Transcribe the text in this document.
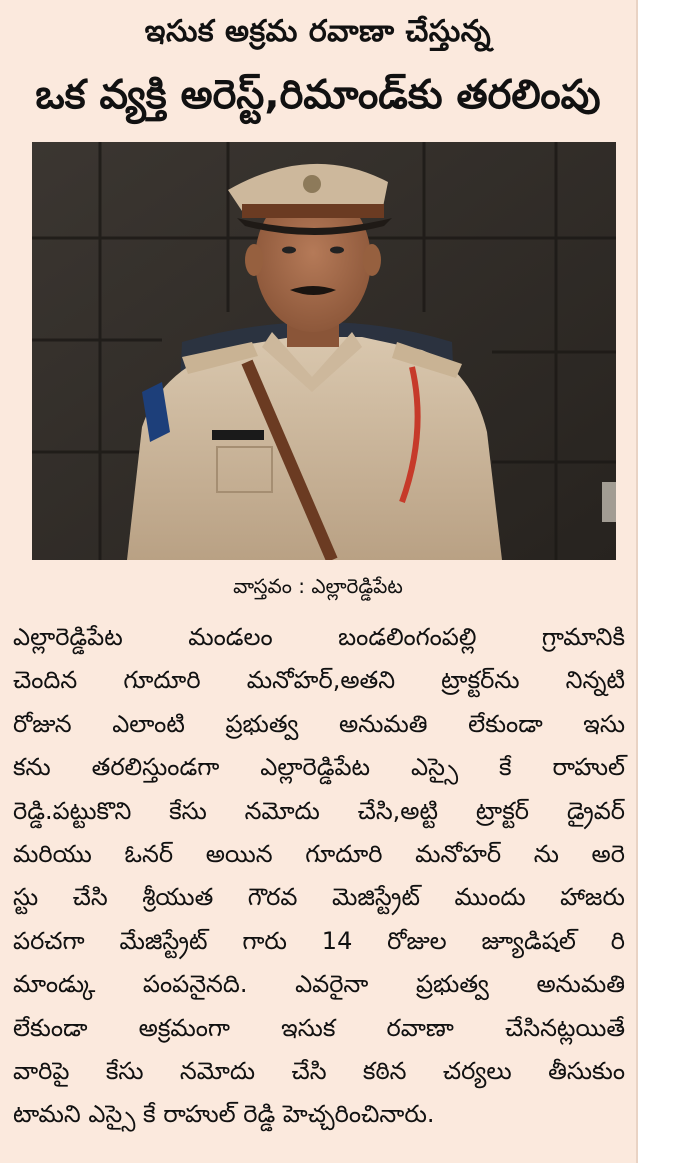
ఇసుక అక్రమ రవాణా చేస్తున్న
ఒక వ్యక్తి అరెస్ట్,రిమాండ్‌కు తరలింపు
వాస్తవం : ఎల్లారెడ్డిపేట
ఎల్లారెడ్డిపేట మండలం బండలింగంపల్లి గ్రామానికి
చెందిన గూదూరి మనోహర్,అతని ట్రాక్టర్‌ను నిన్నటి
రోజున ఎలాంటి ప్రభుత్వ అనుమతి లేకుండా ఇసు
కను తరలిస్తుండగా ఎల్లారెడ్డిపేట ఎస్సై కే రాహుల్
రెడ్డి.పట్టుకొని కేసు నమోదు చేసి,అట్టి ట్రాక్టర్ డ్రైవర్
మరియు ఓనర్ అయిన గూదూరి మనోహర్ ను అరె
స్టు చేసి శ్రీయుత గౌరవ మెజిస్ట్రేట్ ముందు హాజరు
పరచగా మేజిస్ట్రేట్ గారు 14 రోజుల జ్యూడిషల్ రి
మాండ్కు పంపనైనది. ఎవరైనా ప్రభుత్వ అనుమతి
లేకుండా అక్రమంగా ఇసుక రవాణా చేసినట్లయితే
వారిపై కేసు నమోదు చేసి కఠిన చర్యలు తీసుకుం
టామని ఎస్సై కే రాహుల్ రెడ్డి హెచ్చరించినారు.
